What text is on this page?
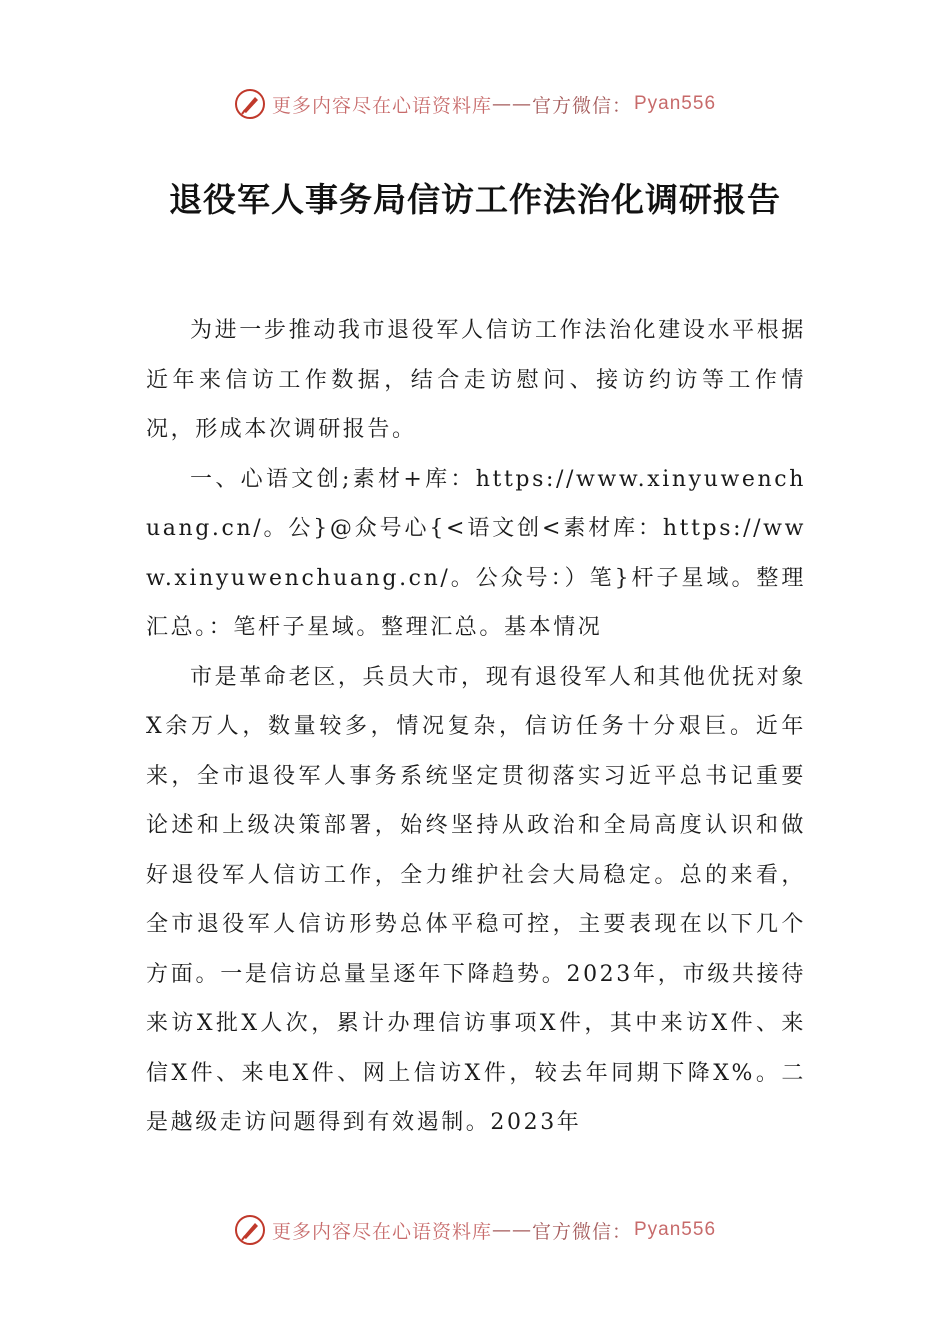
更多内容尽在心语资料库 —— 官方微信： Pyan556
退役军人事务局信访工作法治化调研报告

为进一步推动我市退役军人信访工作法治化建设水平根据近年来信访工作数据，结合走访慰问、接访约访等工作情况，形成本次调研报告。

一、心语文创;素材+库：https://www.xinyuwenchuang.cn/。公}@众号心{<语文创<素材库：https://www.xinyuwenchuang.cn/。公众号：）笔}杆子星域。整理汇总。：笔杆子星域。整理汇总。基本情况

市是革命老区，兵员大市，现有退役军人和其他优抚对象X余万人，数量较多，情况复杂，信访任务十分艰巨。近年来，全市退役军人事务系统坚定贯彻落实习近平总书记重要论述和上级决策部署，始终坚持从政治和全局高度认识和做好退役军人信访工作，全力维护社会大局稳定。总的来看，全市退役军人信访形势总体平稳可控，主要表现在以下几个方面。一是信访总量呈逐年下降趋势。2023年，市级共接待来访X批X人次，累计办理信访事项X件，其中来访X件、来信X件、来电X件、网上信访X件，较去年同期下降X%。二是越级走访问题得到有效遏制。2023年

更多内容尽在心语资料库 —— 官方微信： Pyan556
